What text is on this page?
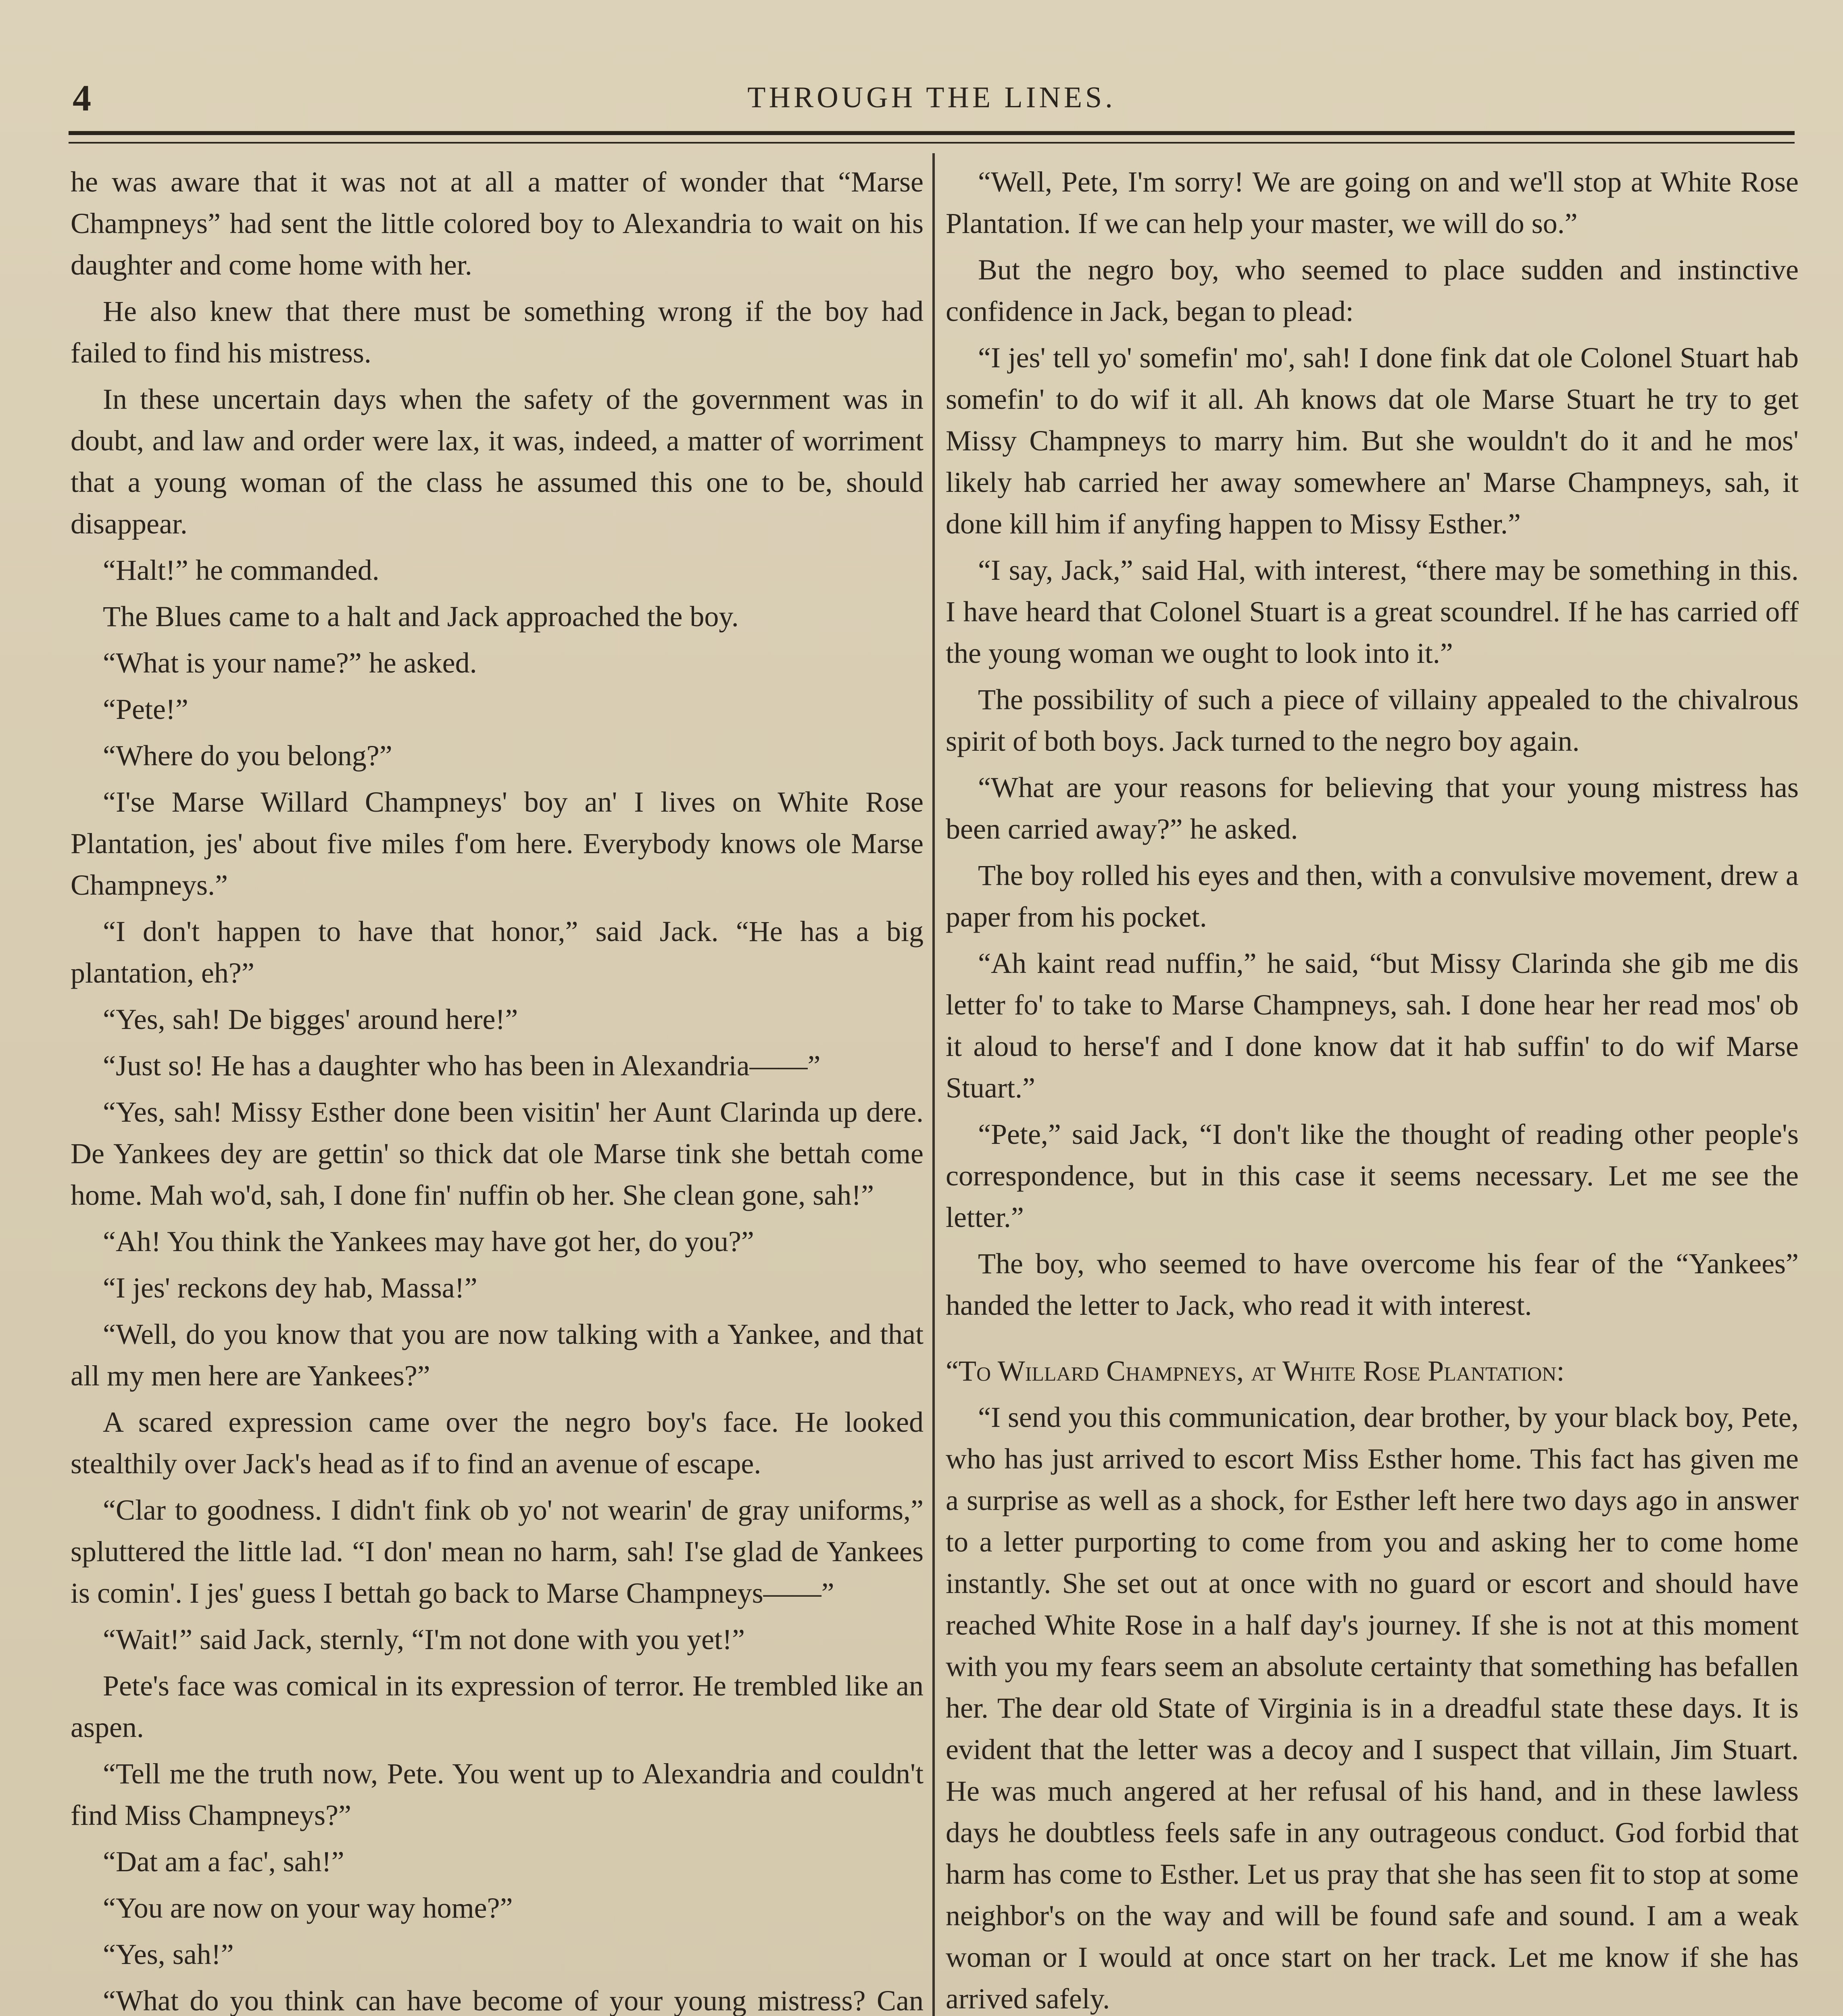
4	THROUGH THE LINES.

he was aware that it was not at all a matter of wonder that “Marse Champneys” had sent the little colored boy to Alexandria to wait on his daughter and come home with her.

He also knew that there must be something wrong if the boy had failed to find his mistress.

In these uncertain days when the safety of the government was in doubt, and law and order were lax, it was, indeed, a matter of worriment that a young woman of the class he assumed this one to be, should disappear.

“Halt!” he commanded.

The Blues came to a halt and Jack approached the boy.

“What is your name?” he asked.

“Pete!”

“Where do you belong?”

“I'se Marse Willard Champneys' boy an' I lives on White Rose Plantation, jes' about five miles f'om here. Everybody knows ole Marse Champneys.”

“I don't happen to have that honor,” said Jack. “He has a big plantation, eh?”

“Yes, sah! De bigges' around here!”

“Just so! He has a daughter who has been in Alexandria——”

“Yes, sah! Missy Esther done been visitin' her Aunt Clarinda up dere. De Yankees dey are gettin' so thick dat ole Marse tink she bettah come home. Mah wo'd, sah, I done fin' nuffin ob her. She clean gone, sah!”

“Ah! You think the Yankees may have got her, do you?”

“I jes' reckons dey hab, Massa!”

“Well, do you know that you are now talking with a Yankee, and that all my men here are Yankees?”

A scared expression came over the negro boy's face. He looked stealthily over Jack's head as if to find an avenue of escape.

“Clar to goodness. I didn't fink ob yo' not wearin' de gray uniforms,” spluttered the little lad. “I don' mean no harm, sah! I'se glad de Yankees is comin'. I jes' guess I bettah go back to Marse Champneys——”

“Wait!” said Jack, sternly, “I'm not done with you yet!”

Pete's face was comical in its expression of terror. He trembled like an aspen.

“Tell me the truth now, Pete. You went up to Alexandria and couldn't find Miss Champneys?”

“Dat am a fac', sah!”

“You are now on your way home?”

“Yes, sah!”

“What do you think can have become of your young mistress? Can

“Well, Pete, I'm sorry! We are going on and we'll stop at White Rose Plantation. If we can help your master, we will do so.”

But the negro boy, who seemed to place sudden and instinctive confidence in Jack, began to plead:

“I jes' tell yo' somefin' mo', sah! I done fink dat ole Colonel Stuart hab somefin' to do wif it all. Ah knows dat ole Marse Stuart he try to get Missy Champneys to marry him. But she wouldn't do it and he mos' likely hab carried her away somewhere an' Marse Champneys, sah, it done kill him if anyfing happen to Missy Esther.”

“I say, Jack,” said Hal, with interest, “there may be something in this. I have heard that Colonel Stuart is a great scoundrel. If he has carried off the young woman we ought to look into it.”

The possibility of such a piece of villainy appealed to the chivalrous spirit of both boys. Jack turned to the negro boy again.

“What are your reasons for believing that your young mistress has been carried away?” he asked.

The boy rolled his eyes and then, with a convulsive movement, drew a paper from his pocket.

“Ah kaint read nuffin,” he said, “but Missy Clarinda she gib me dis letter fo' to take to Marse Champneys, sah. I done hear her read mos' ob it aloud to herse'f and I done know dat it hab suffin' to do wif Marse Stuart.”

“Pete,” said Jack, “I don't like the thought of reading other people's correspondence, but in this case it seems necessary. Let me see the letter.”

The boy, who seemed to have overcome his fear of the “Yankees” handed the letter to Jack, who read it with interest.

“To Willard Champneys, at White Rose Plantation:

“I send you this communication, dear brother, by your black boy, Pete, who has just arrived to escort Miss Esther home. This fact has given me a surprise as well as a shock, for Esther left here two days ago in answer to a letter purporting to come from you and asking her to come home instantly. She set out at once with no guard or escort and should have reached White Rose in a half day's journey. If she is not at this moment with you my fears seem an absolute certainty that something has befallen her. The dear old State of Virginia is in a dreadful state these days. It is evident that the letter was a decoy and I suspect that villain, Jim Stuart. He was much angered at her refusal of his hand, and in these lawless days he doubtless feels safe in any outrageous conduct. God forbid that harm has come to Esther. Let us pray that she has seen fit to stop at some neighbor's on the way and will be found safe and sound. I am a weak woman or I would at once start on her track. Let me know if she has arrived safely.
